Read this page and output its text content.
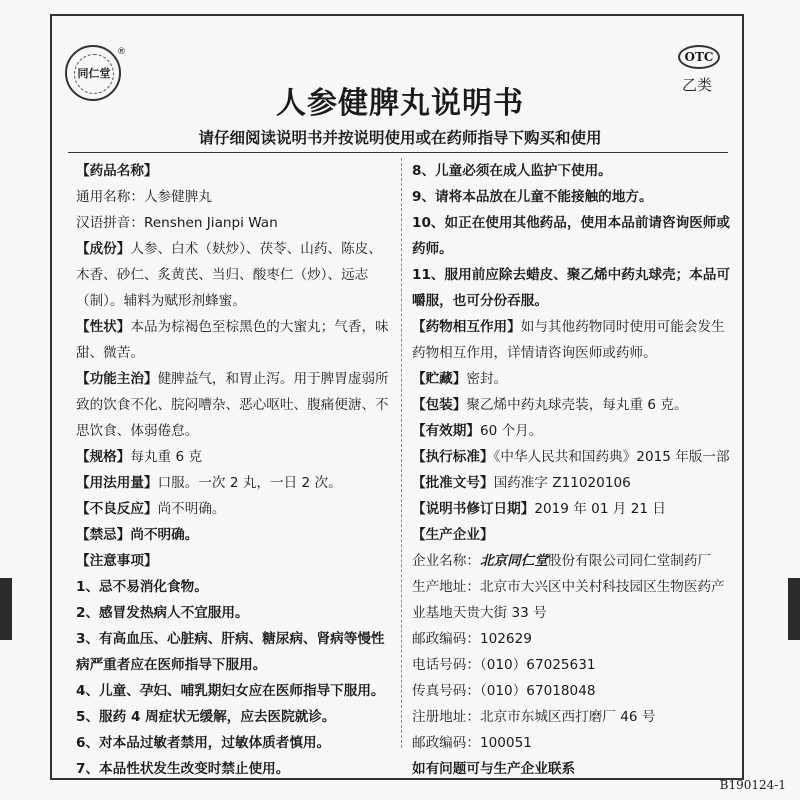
同仁堂
®	OTC
乙类
人参健脾丸说明书
请仔细阅读说明书并按说明使用或在药师指导下购买和使用

【药品名称】

通用名称：人参健脾丸

汉语拼音：Renshen Jianpi Wan

【成份】人参、白术（麸炒）、茯苓、山药、陈皮、木香、砂仁、炙黄芪、当归、酸枣仁（炒）、远志（制）。辅料为赋形剂蜂蜜。

【性状】本品为棕褐色至棕黑色的大蜜丸；气香，味甜、微苦。

【功能主治】健脾益气，和胃止泻。用于脾胃虚弱所致的饮食不化、脘闷嘈杂、恶心呕吐、腹痛便溏、不思饮食、体弱倦怠。

【规格】每丸重 6 克

【用法用量】口服。一次 2 丸，一日 2 次。

【不良反应】尚不明确。

【禁忌】尚不明确。

【注意事项】

1、忌不易消化食物。

2、感冒发热病人不宜服用。

3、有高血压、心脏病、肝病、糖尿病、肾病等慢性病严重者应在医师指导下服用。

4、儿童、孕妇、哺乳期妇女应在医师指导下服用。

5、服药 4 周症状无缓解，应去医院就诊。

6、对本品过敏者禁用，过敏体质者慎用。

7、本品性状发生改变时禁止使用。

8、儿童必须在成人监护下使用。

9、请将本品放在儿童不能接触的地方。

10、如正在使用其他药品，使用本品前请咨询医师或药师。

11、服用前应除去蜡皮、聚乙烯中药丸球壳；本品可嚼服，也可分份吞服。

【药物相互作用】如与其他药物同时使用可能会发生药物相互作用，详情请咨询医师或药师。

【贮藏】密封。

【包装】聚乙烯中药丸球壳装，每丸重 6 克。

【有效期】60 个月。

【执行标准】《中华人民共和国药典》2015 年版一部

【批准文号】国药准字 Z11020106

【说明书修订日期】2019 年 01 月 21 日

【生产企业】

企业名称：北京同仁堂股份有限公司同仁堂制药厂

生产地址：北京市大兴区中关村科技园区生物医药产业基地天贵大街 33 号

邮政编码：102629

电话号码：（010）67025631

传真号码：（010）67018048

注册地址：北京市东城区西打磨厂 46 号

邮政编码：100051

如有问题可与生产企业联系

B190124-1
